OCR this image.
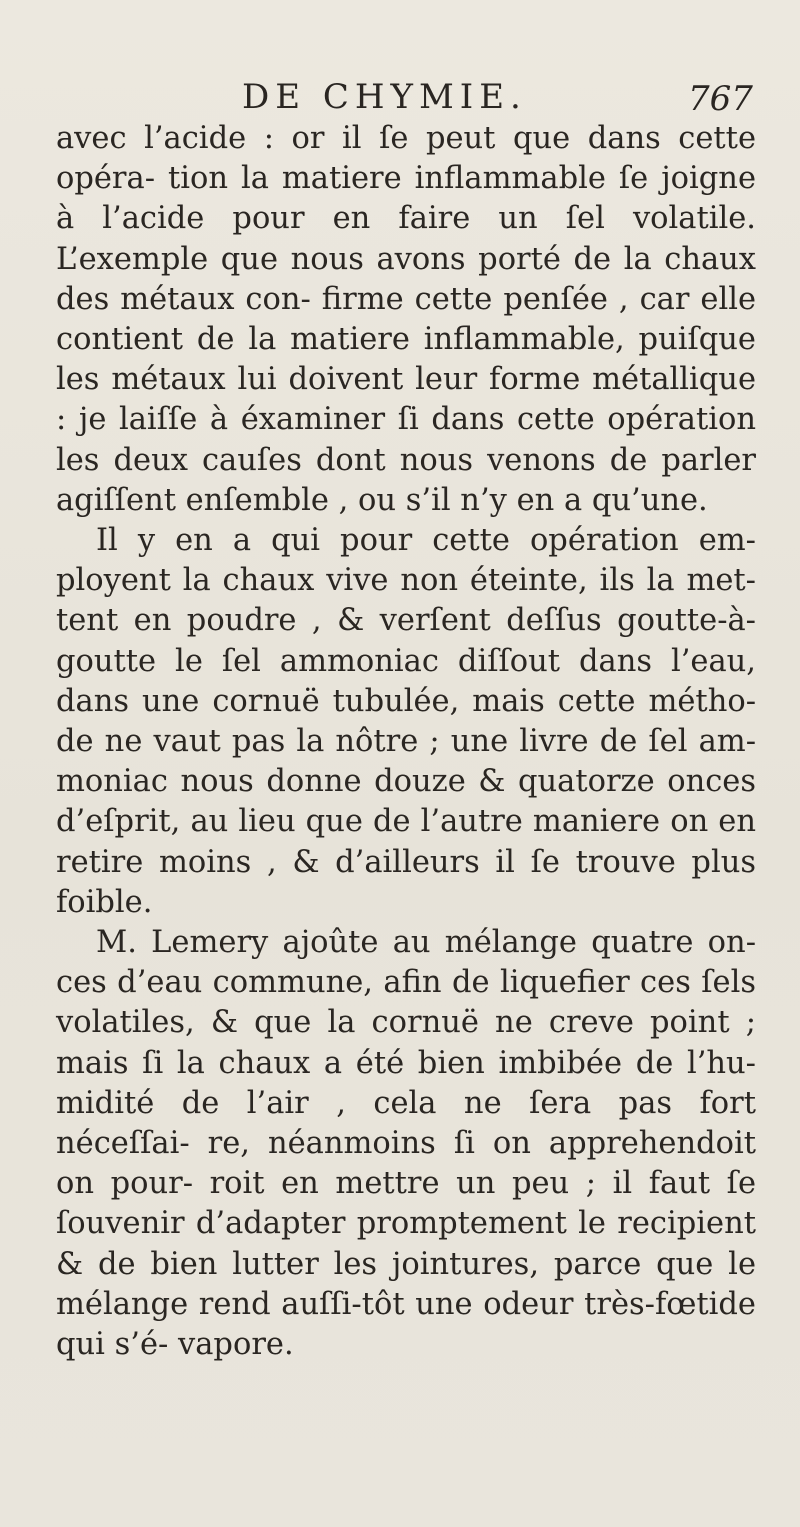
DE CHYMIE.	767

avec l’acide : or il ſe peut que dans cette opéra- tion la matiere inflammable ſe joigne à l’acide pour en faire un ſel volatile. L’exemple que nous avons porté de la chaux des métaux con- firme cette penſée , car elle contient de la matiere inflammable, puiſque les métaux lui doivent leur forme métallique : je laiſſe à éxaminer ſi dans cette opération les deux cauſes dont nous venons de parler agiſſent enſemble , ou s’il n’y en a qu’une.

Il y en a qui pour cette opération em- ployent la chaux vive non éteinte, ils la met- tent en poudre , & verſent deſſus goutte-à- goutte le ſel ammoniac diſſout dans l’eau, dans une cornuë tubulée, mais cette métho- de ne vaut pas la nôtre ; une livre de ſel am- moniac nous donne douze & quatorze onces d’eſprit, au lieu que de l’autre maniere on en retire moins , & d’ailleurs il ſe trouve plus foible.

M. Lemery ajoûte au mélange quatre on- ces d’eau commune, afin de liquefier ces ſels volatiles, & que la cornuë ne creve point ; mais ſi la chaux a été bien imbibée de l’hu- midité de l’air , cela ne ſera pas fort néceſſai- re, néanmoins ſi on apprehendoit on pour- roit en mettre un peu ; il faut ſe ſouvenir d’adapter promptement le recipient & de bien lutter les jointures, parce que le mélange rend auſſi-tôt une odeur très-fœtide qui s’é- vapore.
